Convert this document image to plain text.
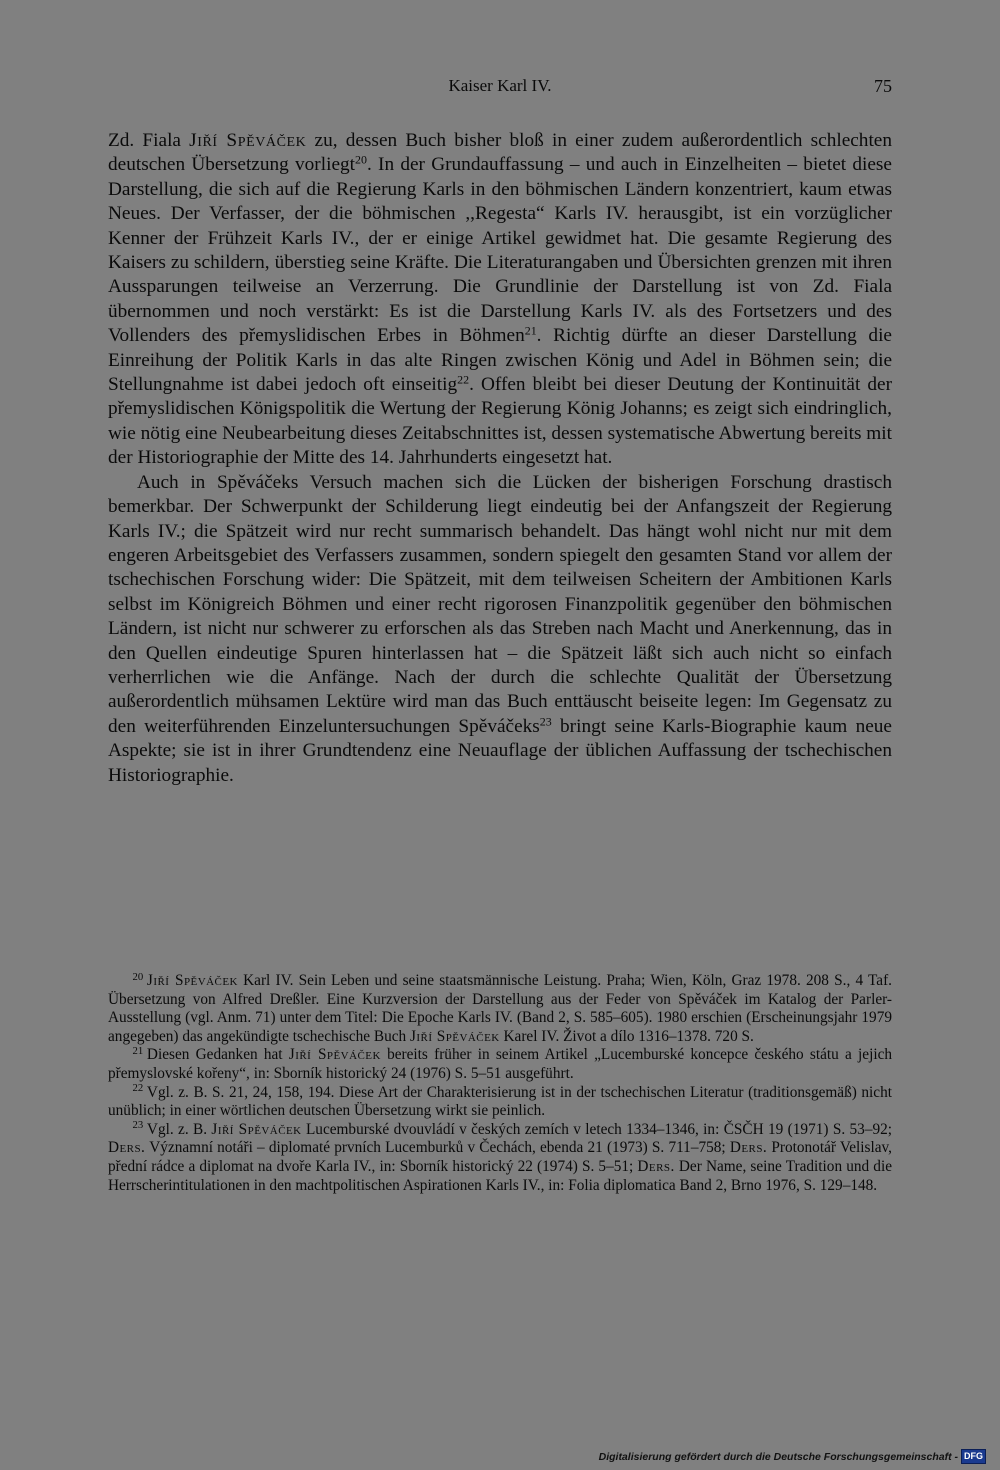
Kaiser Karl IV.	75

Zd. Fiala Jiří Spěváček zu, dessen Buch bisher bloß in einer zudem außerordentlich schlechten deutschen Übersetzung vorliegt$^{20}$. In der Grundauffassung – und auch in Einzelheiten – bietet diese Darstellung, die sich auf die Regierung Karls in den böhmischen Ländern konzentriert, kaum etwas Neues. Der Verfasser, der die böhmischen ,,Regesta“ Karls IV. herausgibt, ist ein vorzüglicher Kenner der Frühzeit Karls IV., der er einige Artikel gewidmet hat. Die gesamte Regierung des Kaisers zu schildern, überstieg seine Kräfte. Die Literaturangaben und Übersichten grenzen mit ihren Aussparungen teilweise an Verzerrung. Die Grundlinie der Darstellung ist von Zd. Fiala übernommen und noch verstärkt: Es ist die Darstellung Karls IV. als des Fortsetzers und des Vollenders des přemyslidischen Erbes in Böhmen$^{21}$. Richtig dürfte an dieser Darstellung die Einreihung der Politik Karls in das alte Ringen zwischen König und Adel in Böhmen sein; die Stellungnahme ist dabei jedoch oft einseitig$^{22}$. Offen bleibt bei dieser Deutung der Kontinuität der přemyslidischen Königspolitik die Wertung der Regierung König Johanns; es zeigt sich eindringlich, wie nötig eine Neubearbeitung dieses Zeitabschnittes ist, dessen systematische Abwertung bereits mit der Historiographie der Mitte des 14. Jahrhunderts eingesetzt hat.

Auch in Spěváčeks Versuch machen sich die Lücken der bisherigen Forschung drastisch bemerkbar. Der Schwerpunkt der Schilderung liegt eindeutig bei der Anfangszeit der Regierung Karls IV.; die Spätzeit wird nur recht summarisch behandelt. Das hängt wohl nicht nur mit dem engeren Arbeitsgebiet des Verfassers zusammen, sondern spiegelt den gesamten Stand vor allem der tschechischen Forschung wider: Die Spätzeit, mit dem teilweisen Scheitern der Ambitionen Karls selbst im Königreich Böhmen und einer recht rigorosen Finanzpolitik gegenüber den böhmischen Ländern, ist nicht nur schwerer zu erforschen als das Streben nach Macht und Anerkennung, das in den Quellen eindeutige Spuren hinterlassen hat – die Spätzeit läßt sich auch nicht so einfach verherrlichen wie die Anfänge. Nach der durch die schlechte Qualität der Übersetzung außerordentlich mühsamen Lektüre wird man das Buch enttäuscht beiseite legen: Im Gegensatz zu den weiterführenden Einzeluntersuchungen Spěváčeks$^{23}$ bringt seine Karls-Biographie kaum neue Aspekte; sie ist in ihrer Grundtendenz eine Neuauflage der üblichen Auffassung der tschechischen Historiographie.

$^{20}$ Jiří Spěváček Karl IV. Sein Leben und seine staatsmännische Leistung. Praha; Wien, Köln, Graz 1978. 208 S., 4 Taf. Übersetzung von Alfred Dreßler. Eine Kurzversion der Darstellung aus der Feder von Spěváček im Katalog der Parler-Ausstellung (vgl. Anm. 71) unter dem Titel: Die Epoche Karls IV. (Band 2, S. 585–605). 1980 erschien (Erscheinungsjahr 1979 angegeben) das angekündigte tschechische Buch Jiří Spěváček Karel IV. Život a dílo 1316–1378. 720 S.

$^{21}$ Diesen Gedanken hat Jiří Spěváček bereits früher in seinem Artikel „Lucemburské koncepce českého státu a jejich přemyslovské kořeny“, in: Sborník historický 24 (1976) S. 5–51 ausgeführt.

$^{22}$ Vgl. z. B. S. 21, 24, 158, 194. Diese Art der Charakterisierung ist in der tschechischen Literatur (traditionsgemäß) nicht unüblich; in einer wörtlichen deutschen Übersetzung wirkt sie peinlich.

$^{23}$ Vgl. z. B. Jiří Spěváček Lucemburské dvouvládí v českých zemích v letech 1334–1346, in: ČSČH 19 (1971) S. 53–92; Ders. Významní notáři – diplomaté prvních Lucemburků v Čechách, ebenda 21 (1973) S. 711–758; Ders. Protonotář Velislav, přední rádce a diplomat na dvoře Karla IV., in: Sborník historický 22 (1974) S. 5–51; Ders. Der Name, seine Tradition und die Herrscherintitulationen in den machtpolitischen Aspirationen Karls IV., in: Folia diplomatica Band 2, Brno 1976, S. 129–148.

Digitalisierung gefördert durch die Deutsche Forschungsgemeinschaft - DFG
